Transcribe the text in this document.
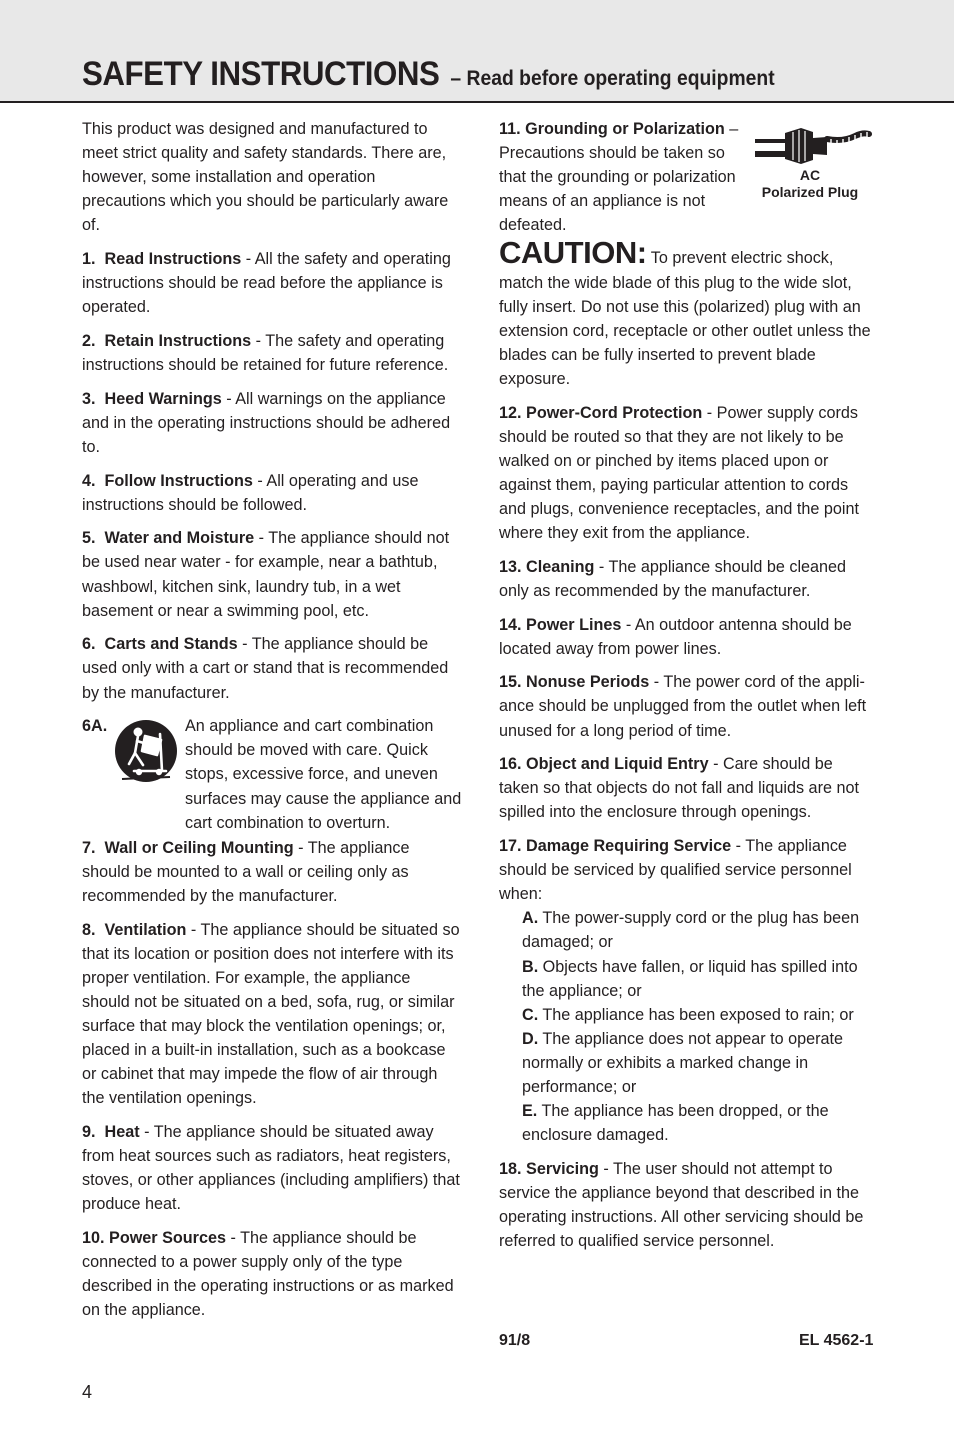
SAFETY INSTRUCTIONS – Read before operating equipment

This product was designed and manufactured to meet strict quality and safety standards. There are, however, some installation and operation precautions which you should be particularly aware of.

1. Read Instructions - All the safety and operating instructions should be read before the appliance is operated.

2. Retain Instructions - The safety and operating instructions should be retained for future reference.

3. Heed Warnings - All warnings on the appliance and in the operating instructions should be adhered to.

4. Follow Instructions - All operating and use instructions should be followed.

5. Water and Moisture - The appliance should not be used near water - for example, near a bathtub, washbowl, kitchen sink, laundry tub, in a wet basement or near a swimming pool, etc.

6. Carts and Stands - The appliance should be used only with a cart or stand that is recommended by the manufacturer.

6A.	An appliance and cart combination should be moved with care. Quick stops, excessive force, and uneven surfaces may cause the appliance and cart combination to overturn.

7. Wall or Ceiling Mounting - The appliance should be mounted to a wall or ceiling only as recommended by the manufacturer.

8. Ventilation - The appliance should be situated so that its location or position does not interfere with its proper ventilation. For example, the appliance should not be situated on a bed, sofa, rug, or similar surface that may block the ventilation openings; or, placed in a built-in installation, such as a bookcase or cabinet that may impede the flow of air through the ventilation openings.

9. Heat - The appliance should be situated away from heat sources such as radiators, heat registers, stoves, or other appliances (including amplifiers) that produce heat.

10. Power Sources - The appliance should be connected to a power supply only of the type described in the operating instructions or as marked on the appliance.

AC
Polarized Plug
11. Grounding or Polarization –
Precautions should be taken so
that the grounding or polarization
means of an appliance is not
defeated.

CAUTION: To prevent electric shock, match the wide blade of this plug to the wide slot, fully insert. Do not use this (polarized) plug with an extension cord, receptacle or other outlet unless the blades can be fully inserted to prevent blade exposure.

12. Power-Cord Protection - Power supply cords should be routed so that they are not likely to be walked on or pinched by items placed upon or against them, paying particular attention to cords and plugs, convenience receptacles, and the point where they exit from the appliance.

13. Cleaning - The appliance should be cleaned only as recommended by the manufacturer.

14. Power Lines - An outdoor antenna should be located away from power lines.

15. Nonuse Periods - The power cord of the appli-ance should be unplugged from the outlet when left unused for a long period of time.

16. Object and Liquid Entry - Care should be taken so that objects do not fall and liquids are not spilled into the enclosure through openings.

17. Damage Requiring Service - The appliance should be serviced by qualified service personnel when:

A. The power-supply cord or the plug has been damaged; or

B. Objects have fallen, or liquid has spilled into the appliance; or

C. The appliance has been exposed to rain; or

D. The appliance does not appear to operate normally or exhibits a marked change in performance; or

E. The appliance has been dropped, or the enclosure damaged.

18. Servicing - The user should not attempt to service the appliance beyond that described in the operating instructions. All other servicing should be referred to qualified service personnel.

91/8	EL 4562-1
4
